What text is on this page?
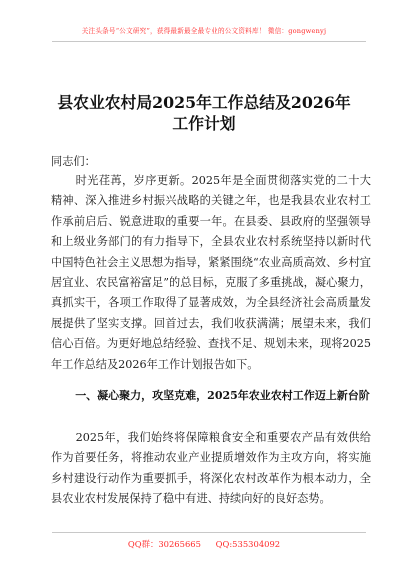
关注头条号“公文研究”，获得最新最全最专业的公文资料库！ 微信：gongwenyj
县农业农村局2025年工作总结及2026年
工作计划
同志们：
时光荏苒，岁序更新。2025年是全面贯彻落实党的二十大精神、深入推进乡村振兴战略的关键之年，也是我县农业农村工作承前启后、锐意进取的重要一年。在县委、县政府的坚强领导和上级业务部门的有力指导下，全县农业农村系统坚持以新时代中国特色社会主义思想为指导，紧紧围绕“农业高质高效、乡村宜居宜业、农民富裕富足”的总目标，克服了多重挑战，凝心聚力，真抓实干，各项工作取得了显著成效，为全县经济社会高质量发展提供了坚实支撑。回首过去，我们收获满满；展望未来，我们信心百倍。为更好地总结经验、查找不足、规划未来，现将2025年工作总结及2026年工作计划报告如下。
一、凝心聚力，攻坚克难，2025年农业农村工作迈上新台阶
2025年，我们始终将保障粮食安全和重要农产品有效供给作为首要任务，将推动农业产业提质增效作为主攻方向，将实施乡村建设行动作为重要抓手，将深化农村改革作为根本动力，全县农业农村发展保持了稳中有进、持续向好的良好态势。
QQ群：30265665 QQ:535304092
